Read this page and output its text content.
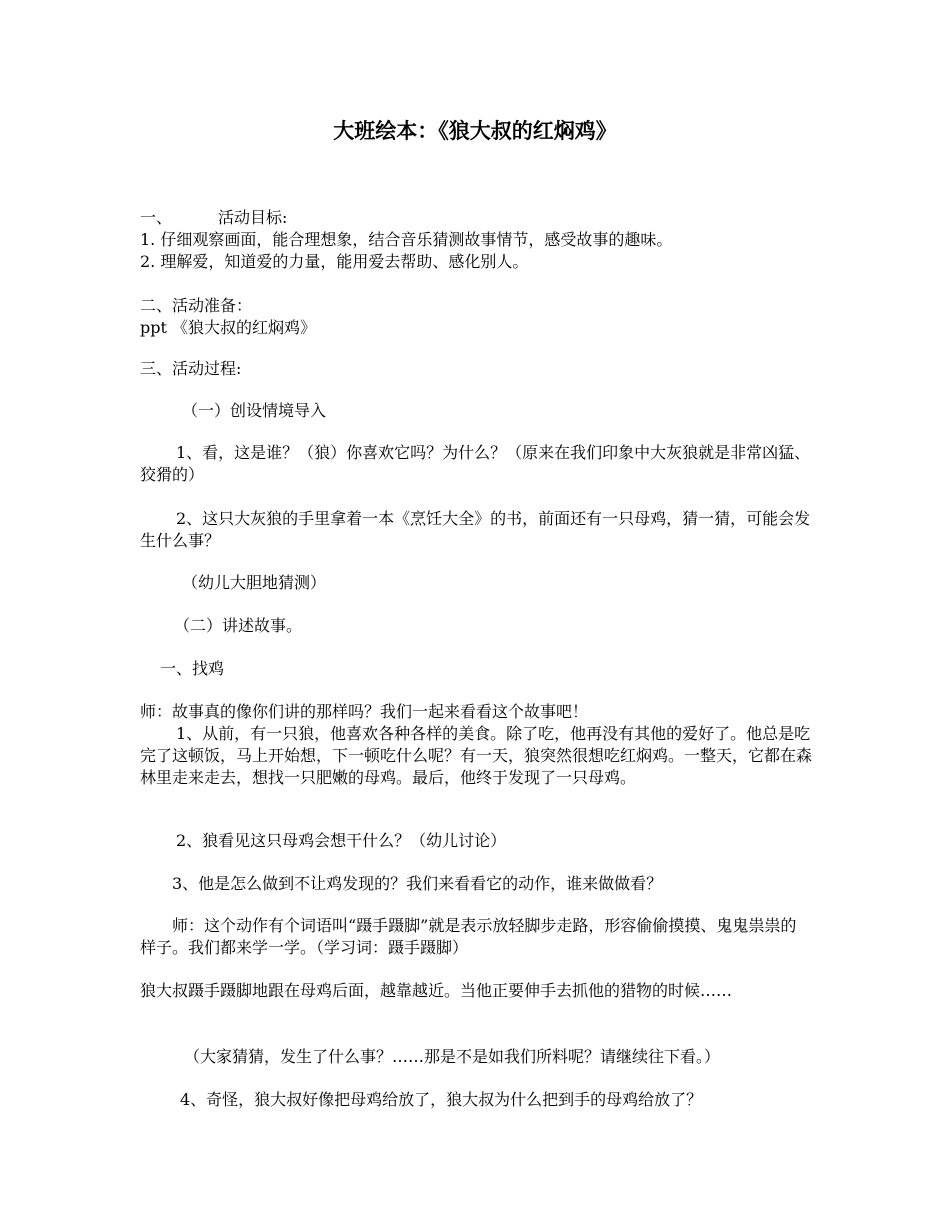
大班绘本：《狼大叔的红焖鸡》
一、	活动目标:
1. 仔细观察画面，能合理想象，结合音乐猜测故事情节，感受故事的趣味。
2. 理解爱，知道爱的力量，能用爱去帮助、感化别人。
二、活动准备：
ppt 《狼大叔的红焖鸡》
三、活动过程:
（一）创设情境导入
1、看，这是谁？（狼）你喜欢它吗？为什么？（原来在我们印象中大灰狼就是非常凶猛、狡猾的）
2、这只大灰狼的手里拿着一本《烹饪大全》的书，前面还有一只母鸡，猜一猜，可能会发生什么事？
（幼儿大胆地猜测）
（二）讲述故事。
一、找鸡
师：故事真的像你们讲的那样吗？我们一起来看看这个故事吧！
1、从前，有一只狼，他喜欢各种各样的美食。除了吃，他再没有其他的爱好了。他总是吃完了这顿饭，马上开始想，下一顿吃什么呢？有一天，狼突然很想吃红焖鸡。一整天，它都在森林里走来走去，想找一只肥嫩的母鸡。最后，他终于发现了一只母鸡。
2、狼看见这只母鸡会想干什么？（幼儿讨论）
3、他是怎么做到不让鸡发现的？我们来看看它的动作，谁来做做看？
师：这个动作有个词语叫“蹑手蹑脚”就是表示放轻脚步走路，形容偷偷摸摸、鬼鬼祟祟的样子。我们都来学一学。（学习词：蹑手蹑脚）
狼大叔蹑手蹑脚地跟在母鸡后面，越靠越近。当他正要伸手去抓他的猎物的时候……
（大家猜猜，发生了什么事？……那是不是如我们所料呢？请继续往下看。）
4、奇怪，狼大叔好像把母鸡给放了，狼大叔为什么把到手的母鸡给放了？
